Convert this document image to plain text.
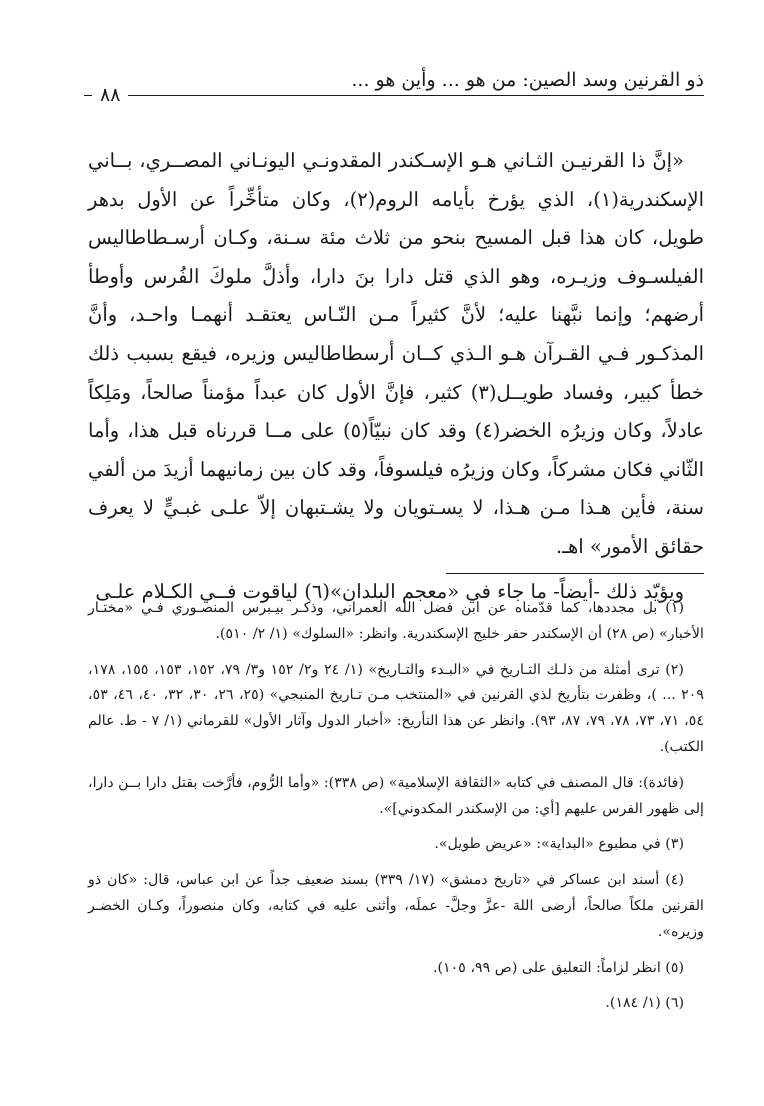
ذو القرنين وسد الصين: من هو ... وأين هو ...
٨٨

«إنَّ ذا القرنيـن الثـاني هـو الإسـكندر المقدونـي اليونـاني المصــري، بــاني الإسكندرية(١)، الذي يؤرخ بأيامه الروم(٢)، وكان متأخِّراً عن الأول بدهر طويل، كان هذا قبل المسيح بنحو من ثلاث مئة سـنة، وكـان أرسـطاطاليس الفيلسـوف وزيـره، وهو الذي قتل دارا بنَ دارا، وأذلَّ ملوكَ الفُرس وأوطأ أرضهم؛ وإنما نبَّهنا عليه؛ لأنَّ كثيراً مـن النّـاس يعتقـد أنهمـا واحـد، وأنَّ المذكـور فـي القـرآن هـو الـذي كــان أرسطاطاليس وزيره، فيقع بسبب ذلك خطأ كبير، وفساد طويــل(٣) كثير، فإنَّ الأول كان عبداً مؤمناً صالحاً، ومَلِكاً عادلاً، وكان وزيرُه الخضر(٤) وقد كان نبيّاً(٥) على مــا قررناه قبل هذا، وأما الثّاني فكان مشركاً، وكان وزيرُه فيلسوفاً، وقد كان بين زمانيهما أزيدَ من ألفي سنة، فأين هـذا مـن هـذا، لا يسـتويان ولا يشـتبهان إلاّ علـى غبـيٍّ لا يعرف حقائق الأمور» اهـ.

ويؤيّد ذلك -أيضاً- ما جاء في «معجم البلدان»(٦) لياقوت فــي الكـلام علـى

(١) بل مجددها، كما قدّمناه عن ابن فضل الله العمراني، وذكـر بيـبرس المنصـوري فـي «مختـار الأخبار» (ص ٢٨) أن الإسكندر حفر خليج الإسكندرية. وانظر: «السلوك» (١/ ٢/ ٥١٠).

(٢) ترى أمثلة من ذلـك التـاريخ في «البـدء والتـاريخ» (١/ ٢٤ و٢/ ١٥٢ و٣/ ٧٩، ١٥٢، ١٥٣، ١٥٥، ١٧٨، ٢٠٩ ... )، وظفرت بتأريخ لذي القرنين في «المنتخب مـن تـاريخ المنبجي» (٢٥، ٢٦، ٣٠، ٣٢، ٤٠، ٤٦، ٥٣، ٥٤، ٧١، ٧٣، ٧٨، ٧٩، ٨٧، ٩٣). وانظر عن هذا التأريخ: «أخبار الدول وآثار الأول» للقرماني (١/ ٧ - ط. عالم الكتب).

(فائدة): قال المصنف في كتابه «الثقافة الإسلامية» (ص ٣٣٨): «وأما الرُّوم، فأرَّخت بقتل دارا بــن دارا، إلى ظهور الفرس عليهم [أي: من الإسكندر المكدوني]».

(٣) في مطبوع «البداية»: «عريض طويل».

(٤) أسند ابن عساكر في «تاريخ دمشق» (١٧/ ٣٣٩) بسند ضعيف جداً عن ابن عباس، قال: «كان ذو القرنين ملكاً صالحاً، أرضى اللهَ -عزَّ وجلَّ- عملَه، وأثنى عليه في كتابه، وكان منصوراً، وكـان الخضـر وزيره».

(٥) انظر لزاماً: التعليق على (ص ٩٩، ١٠٥).

(٦) (١/ ١٨٤).
